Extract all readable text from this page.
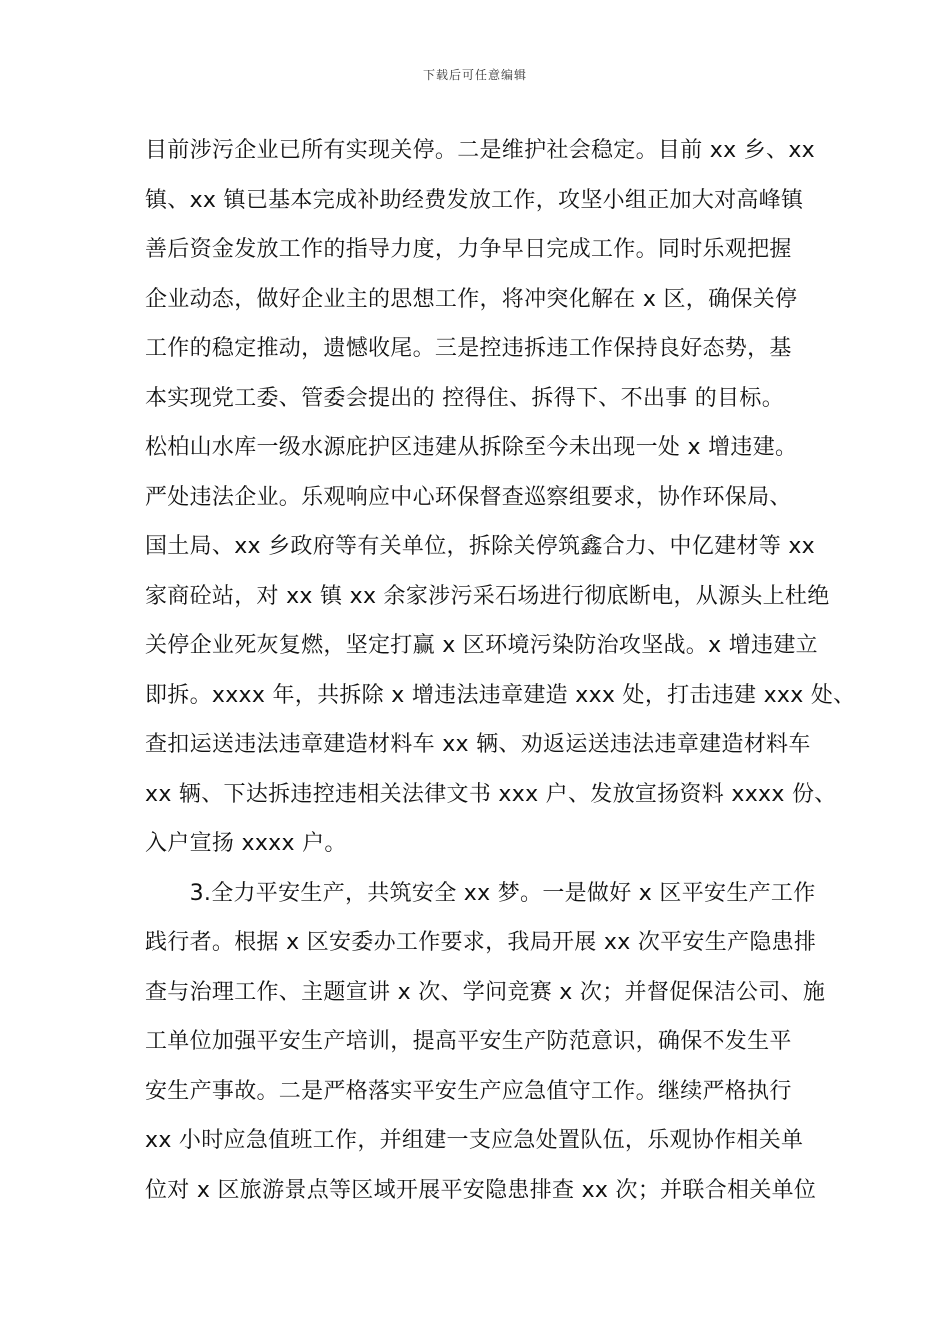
下载后可任意编辑
目前涉污企业已所有实现关停。二是维护社会稳定。目前 xx 乡、xx
镇、xx 镇已基本完成补助经费发放工作，攻坚小组正加大对高峰镇
善后资金发放工作的指导力度，力争早日完成工作。同时乐观把握
企业动态，做好企业主的思想工作，将冲突化解在 x 区，确保关停
工作的稳定推动，遗憾收尾。三是控违拆违工作保持良好态势，基
本实现党工委、管委会提出的 控得住、拆得下、不出事 的目标。
松柏山水库一级水源庇护区违建从拆除至今未出现一处 x 增违建。
严处违法企业。乐观响应中心环保督查巡察组要求，协作环保局、
国土局、xx 乡政府等有关单位，拆除关停筑鑫合力、中亿建材等 xx
家商砼站，对 xx 镇 xx 余家涉污采石场进行彻底断电，从源头上杜绝
关停企业死灰复燃，坚定打赢 x 区环境污染防治攻坚战。x 增违建立
即拆。xxxx 年，共拆除 x 增违法违章建造 xxx 处，打击违建 xxx 处、
查扣运送违法违章建造材料车 xx 辆、劝返运送违法违章建造材料车
xx 辆、下达拆违控违相关法律文书 xxx 户、发放宣扬资料 xxxx 份、
入户宣扬 xxxx 户。
　　3.全力平安生产，共筑安全 xx 梦。一是做好 x 区平安生产工作
践行者。根据 x 区安委办工作要求，我局开展 xx 次平安生产隐患排
查与治理工作、主题宣讲 x 次、学问竞赛 x 次；并督促保洁公司、施
工单位加强平安生产培训，提高平安生产防范意识，确保不发生平
安生产事故。二是严格落实平安生产应急值守工作。继续严格执行
xx 小时应急值班工作，并组建一支应急处置队伍，乐观协作相关单
位对 x 区旅游景点等区域开展平安隐患排查 xx 次；并联合相关单位
